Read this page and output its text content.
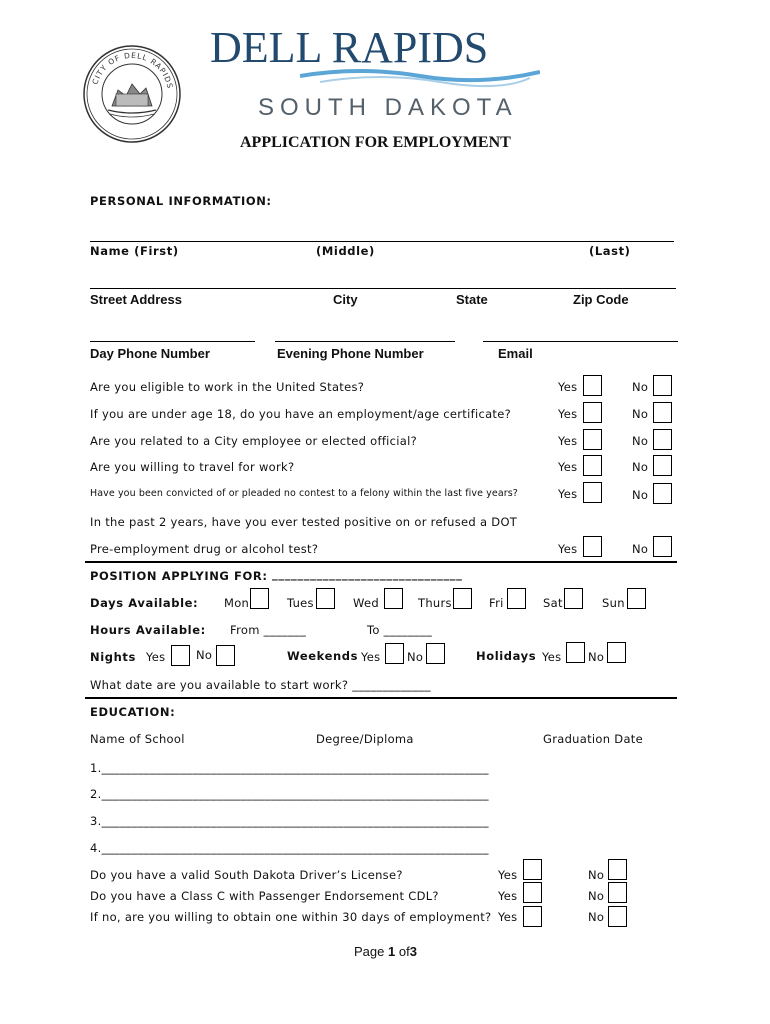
CITY OF DELL RAPIDS
DELL RAPIDS
SOUTH DAKOTA
APPLICATION FOR EMPLOYMENT
PERSONAL INFORMATION:
Name (First)	(Middle)	(Last)
Street Address	City	State	Zip Code
Day Phone Number	Evening Phone Number	Email
Are you eligible to work in the United States?	Yes	No
If you are under age 18, do you have an employment/age certificate?	Yes	No
Are you related to a City employee or elected official?	Yes	No
Are you willing to travel for work?	Yes	No
Have you been convicted of or pleaded no contest to a felony within the last five years?	Yes	No
In the past 2 years, have you ever tested positive on or refused a DOT
Pre-employment drug or alcohol test?	Yes	No
POSITION APPLYING FOR: ______________________________
Days Available: Mon	Tues	Wed	Thurs	Fri	Sat	Sun
Hours Available: From _______	To ________
Nights Yes	No	Weekends Yes No	Holidays Yes No
What date are you available to start work? _____________
EDUCATION:
Name of School	Degree/Diploma	Graduation Date
1.________________________________________________________________
2.________________________________________________________________
3.________________________________________________________________
4.________________________________________________________________
Do you have a valid South Dakota Driver’s License?	Yes	No
Do you have a Class C with Passenger Endorsement CDL?	Yes	No
If no, are you willing to obtain one within 30 days of employment? Yes	No
Page 1 of3
